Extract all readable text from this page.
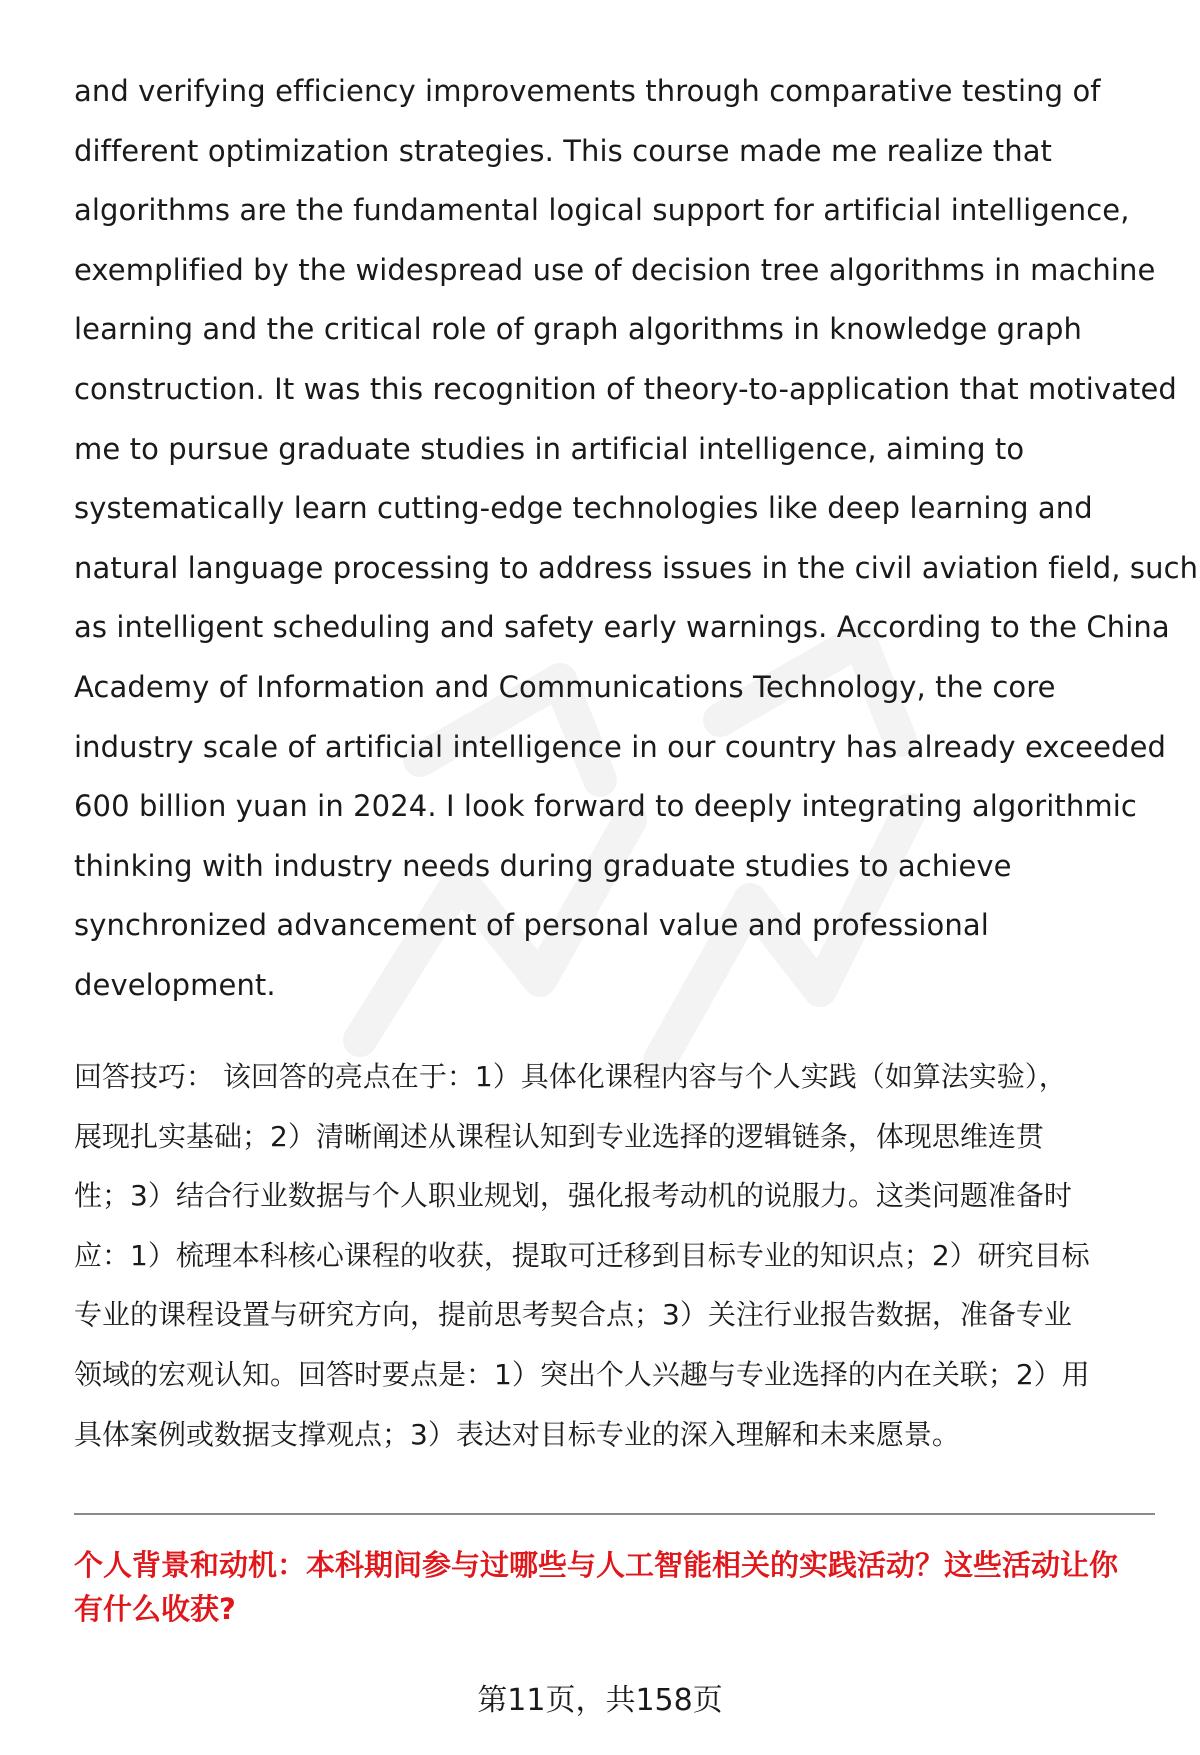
and verifying efficiency improvements through comparative testing of
different optimization strategies. This course made me realize that
algorithms are the fundamental logical support for artificial intelligence,
exemplified by the widespread use of decision tree algorithms in machine
learning and the critical role of graph algorithms in knowledge graph
construction. It was this recognition of theory-to-application that motivated
me to pursue graduate studies in artificial intelligence, aiming to
systematically learn cutting-edge technologies like deep learning and
natural language processing to address issues in the civil aviation field, such
as intelligent scheduling and safety early warnings. According to the China
Academy of Information and Communications Technology, the core
industry scale of artificial intelligence in our country has already exceeded
600 billion yuan in 2024. I look forward to deeply integrating algorithmic
thinking with industry needs during graduate studies to achieve
synchronized advancement of personal value and professional
development.
回答技巧： 该回答的亮点在于：1）具体化课程内容与个人实践（如算法实验），
展现扎实基础；2）清晰阐述从课程认知到专业选择的逻辑链条，体现思维连贯
性；3）结合行业数据与个人职业规划，强化报考动机的说服力。这类问题准备时
应：1）梳理本科核心课程的收获，提取可迁移到目标专业的知识点；2）研究目标
专业的课程设置与研究方向，提前思考契合点；3）关注行业报告数据，准备专业
领域的宏观认知。回答时要点是：1）突出个人兴趣与专业选择的内在关联；2）用
具体案例或数据支撑观点；3）表达对目标专业的深入理解和未来愿景。
个人背景和动机：本科期间参与过哪些与人工智能相关的实践活动？这些活动让你
有什么收获?
第11页，共158页
